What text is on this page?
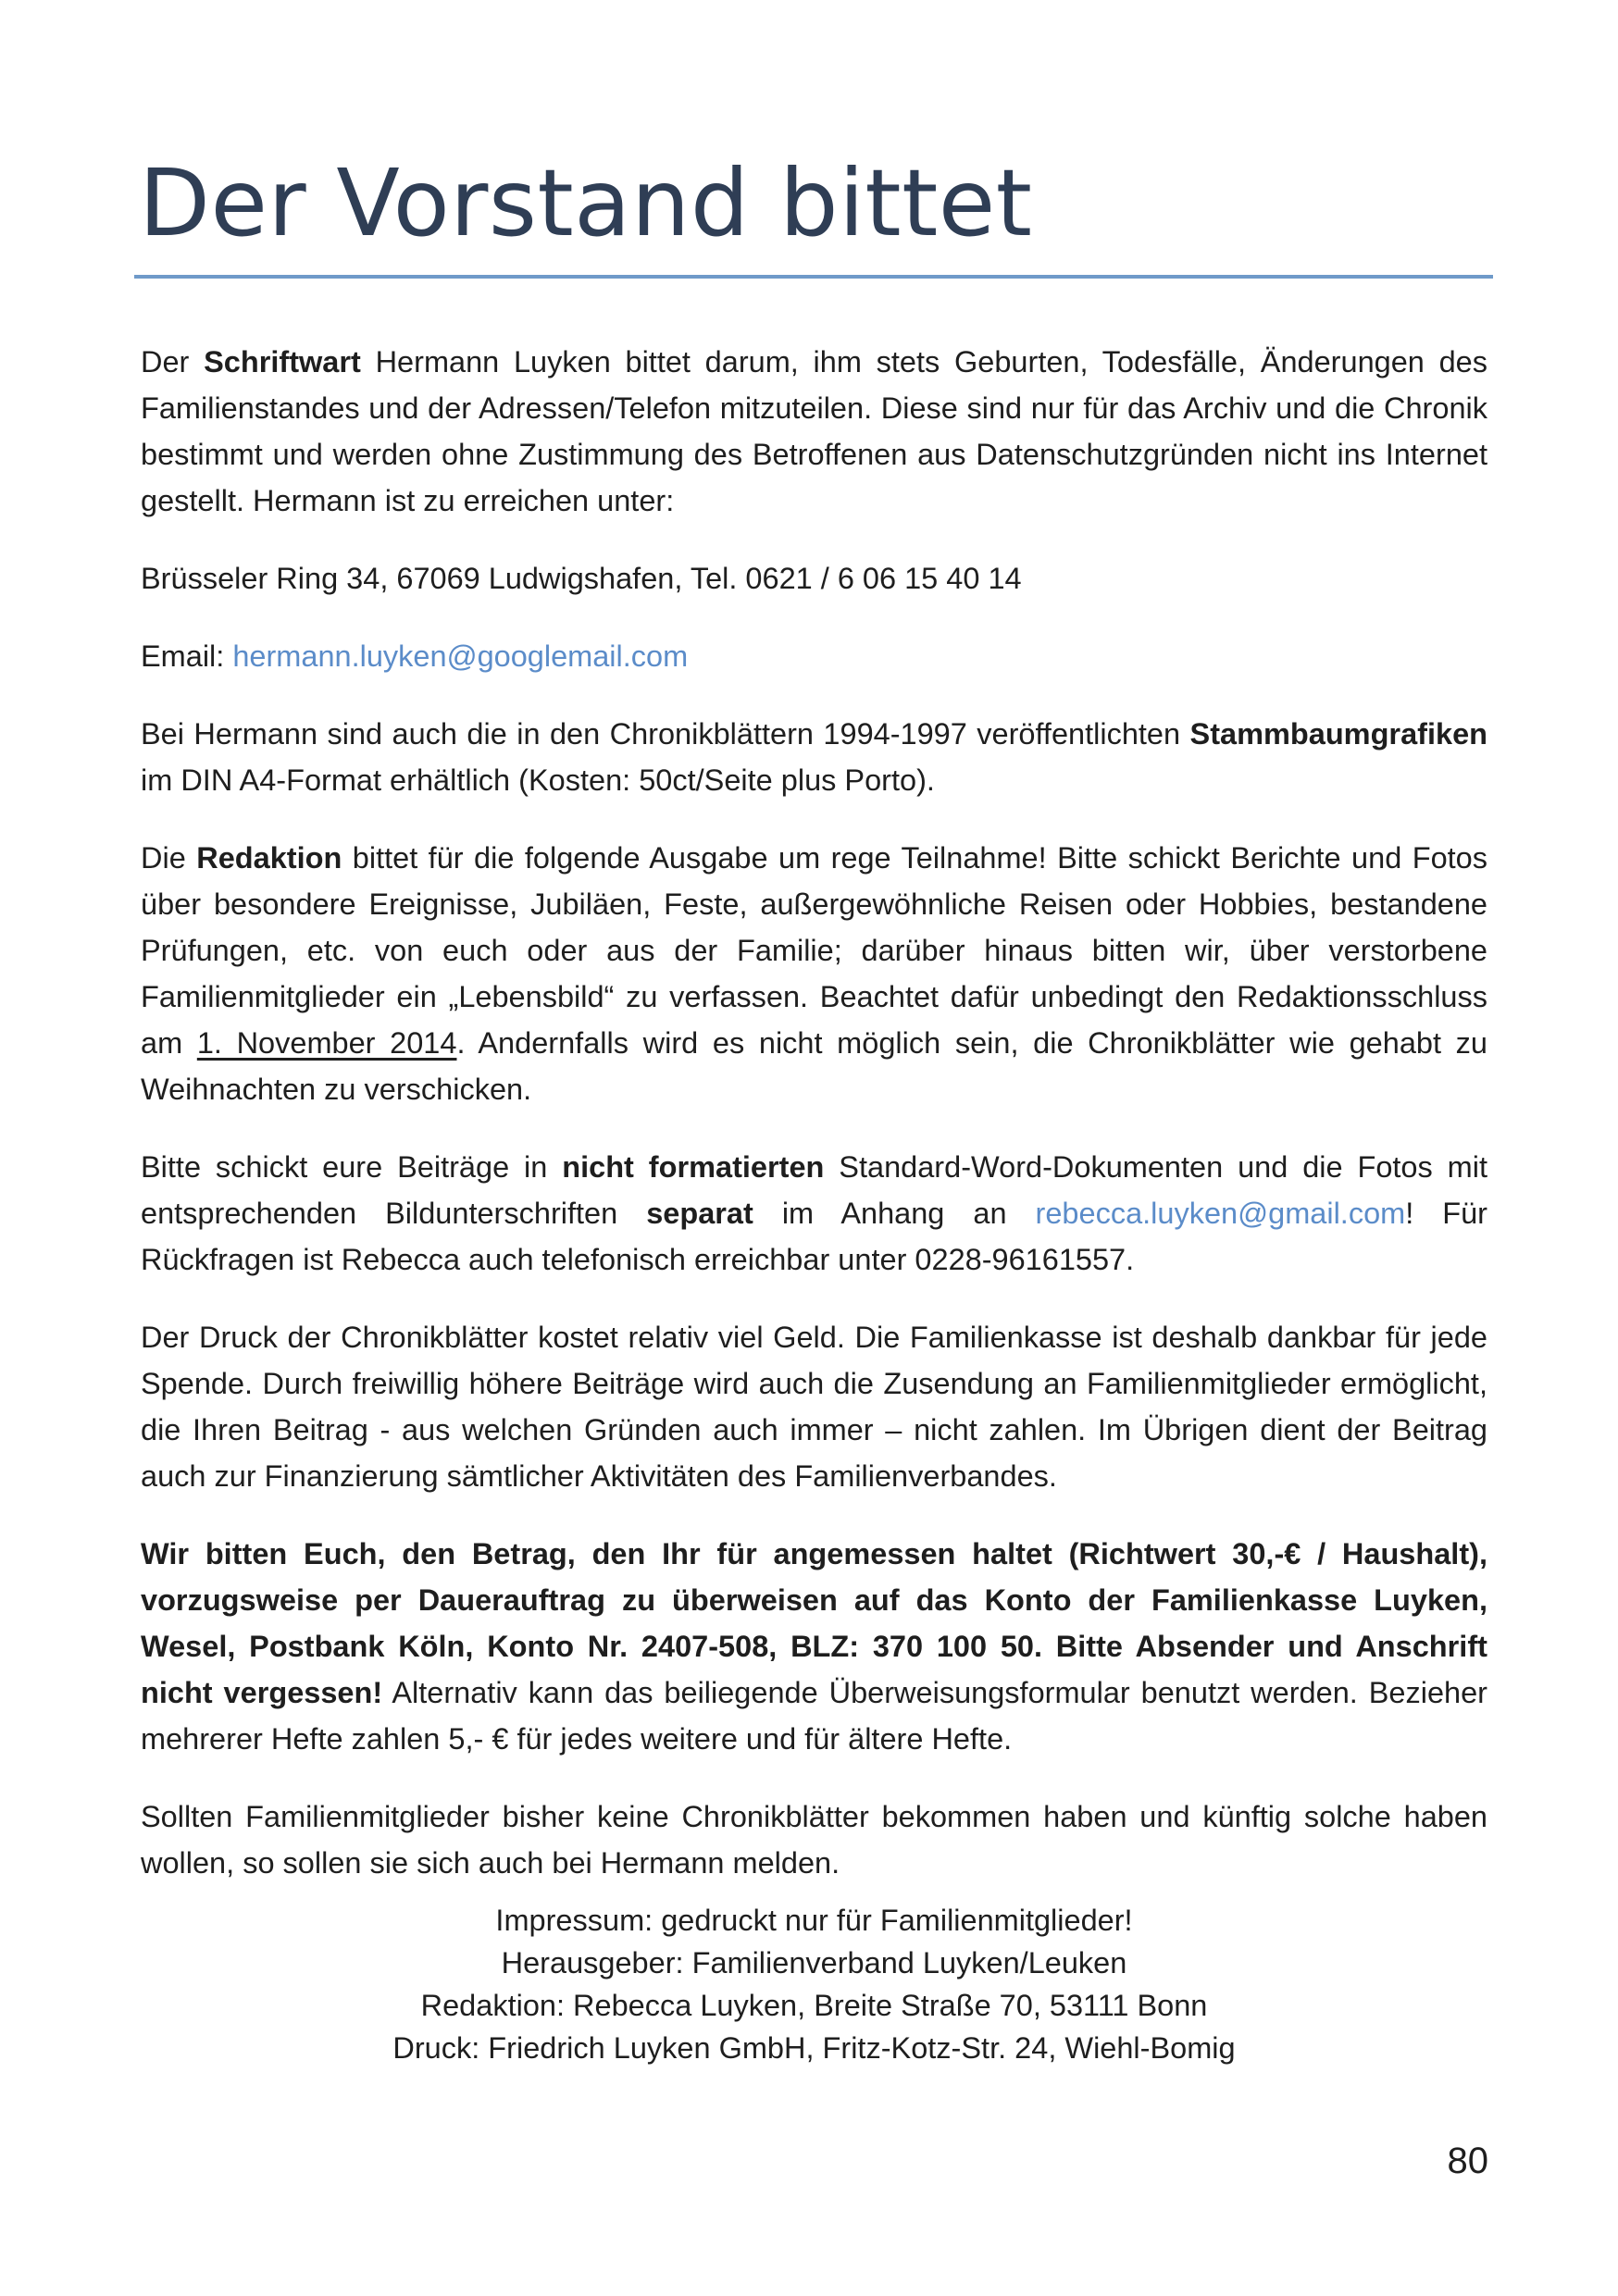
Der Vorstand bittet

Der Schriftwart Hermann Luyken bittet darum, ihm stets Geburten, Todesfälle, Änderungen des Familienstandes und der Adressen/Telefon mitzuteilen. Diese sind nur für das Archiv und die Chronik bestimmt und werden ohne Zustimmung des Betroffenen aus Datenschutzgründen nicht ins Internet gestellt. Hermann ist zu erreichen unter:

Brüsseler Ring 34, 67069 Ludwigshafen, Tel. 0621 / 6 06 15 40 14

Email: hermann.luyken@googlemail.com

Bei Hermann sind auch die in den Chronikblättern 1994-1997 veröffentlichten Stammbaumgrafiken im DIN A4-Format erhältlich (Kosten: 50ct/Seite plus Porto).

Die Redaktion bittet für die folgende Ausgabe um rege Teilnahme! Bitte schickt Berichte und Fotos über besondere Ereignisse, Jubiläen, Feste, außergewöhnliche Reisen oder Hobbies, bestandene Prüfungen, etc. von euch oder aus der Familie; darüber hinaus bitten wir, über verstorbene Familienmitglieder ein „Lebensbild“ zu verfassen. Beachtet dafür unbedingt den Redaktionsschluss am 1. November 2014. Andernfalls wird es nicht möglich sein, die Chronikblätter wie gehabt zu Weihnachten zu verschicken.

Bitte schickt eure Beiträge in nicht formatierten Standard-Word-Dokumenten und die Fotos mit entsprechenden Bildunterschriften separat im Anhang an rebecca.luyken@gmail.com! Für Rückfragen ist Rebecca auch telefonisch erreichbar unter 0228-96161557.

Der Druck der Chronikblätter kostet relativ viel Geld. Die Familienkasse ist deshalb dankbar für jede Spende. Durch freiwillig höhere Beiträge wird auch die Zusendung an Familienmitglieder ermöglicht, die Ihren Beitrag - aus welchen Gründen auch immer – nicht zahlen. Im Übrigen dient der Beitrag auch zur Finanzierung sämtlicher Aktivitäten des Familienverbandes.

Wir bitten Euch, den Betrag, den Ihr für angemessen haltet (Richtwert 30,-€ / Haushalt), vorzugsweise per Dauerauftrag zu überweisen auf das Konto der Familienkasse Luyken, Wesel, Postbank Köln, Konto Nr. 2407-508, BLZ: 370 100 50. Bitte Absender und Anschrift nicht vergessen! Alternativ kann das beiliegende Überweisungsformular benutzt werden. Bezieher mehrerer Hefte zahlen 5,- € für jedes weitere und für ältere Hefte.

Sollten Familienmitglieder bisher keine Chronikblätter bekommen haben und künftig solche haben wollen, so sollen sie sich auch bei Hermann melden.

Impressum: gedruckt nur für Familienmitglieder!
Herausgeber: Familienverband Luyken/Leuken
Redaktion: Rebecca Luyken, Breite Straße 70, 53111 Bonn
Druck: Friedrich Luyken GmbH, Fritz-Kotz-Str. 24, Wiehl-Bomig
80
